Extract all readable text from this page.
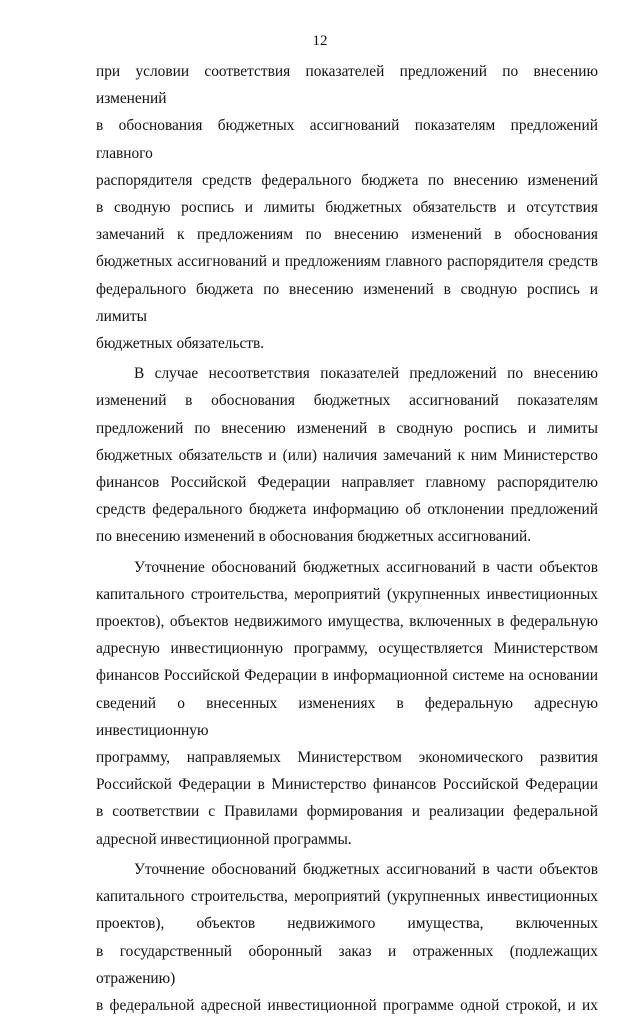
12

при условии соответствия показателей предложений по внесению изменений
в обоснования бюджетных ассигнований показателям предложений главного
распорядителя средств федерального бюджета по внесению изменений
в сводную роспись и лимиты бюджетных обязательств и отсутствия
замечаний к предложениям по внесению изменений в обоснования
бюджетных ассигнований и предложениям главного распорядителя средств
федерального бюджета по внесению изменений в сводную роспись и лимиты
бюджетных обязательств.

В случае несоответствия показателей предложений по внесению
изменений в обоснования бюджетных ассигнований показателям
предложений по внесению изменений в сводную роспись и лимиты
бюджетных обязательств и (или) наличия замечаний к ним Министерство
финансов Российской Федерации направляет главному распорядителю
средств федерального бюджета информацию об отклонении предложений
по внесению изменений в обоснования бюджетных ассигнований.

Уточнение обоснований бюджетных ассигнований в части объектов
капитального строительства, мероприятий (укрупненных инвестиционных
проектов), объектов недвижимого имущества, включенных в федеральную
адресную инвестиционную программу, осуществляется Министерством
финансов Российской Федерации в информационной системе на основании
сведений о внесенных изменениях в федеральную адресную инвестиционную
программу, направляемых Министерством экономического развития
Российской Федерации в Министерство финансов Российской Федерации
в соответствии с Правилами формирования и реализации федеральной
адресной инвестиционной программы.

Уточнение обоснований бюджетных ассигнований в части объектов
капитального строительства, мероприятий (укрупненных инвестиционных
проектов), объектов недвижимого имущества, включенных
в государственный оборонный заказ и отраженных (подлежащих отражению)
в федеральной адресной инвестиционной программе одной строкой, и их
